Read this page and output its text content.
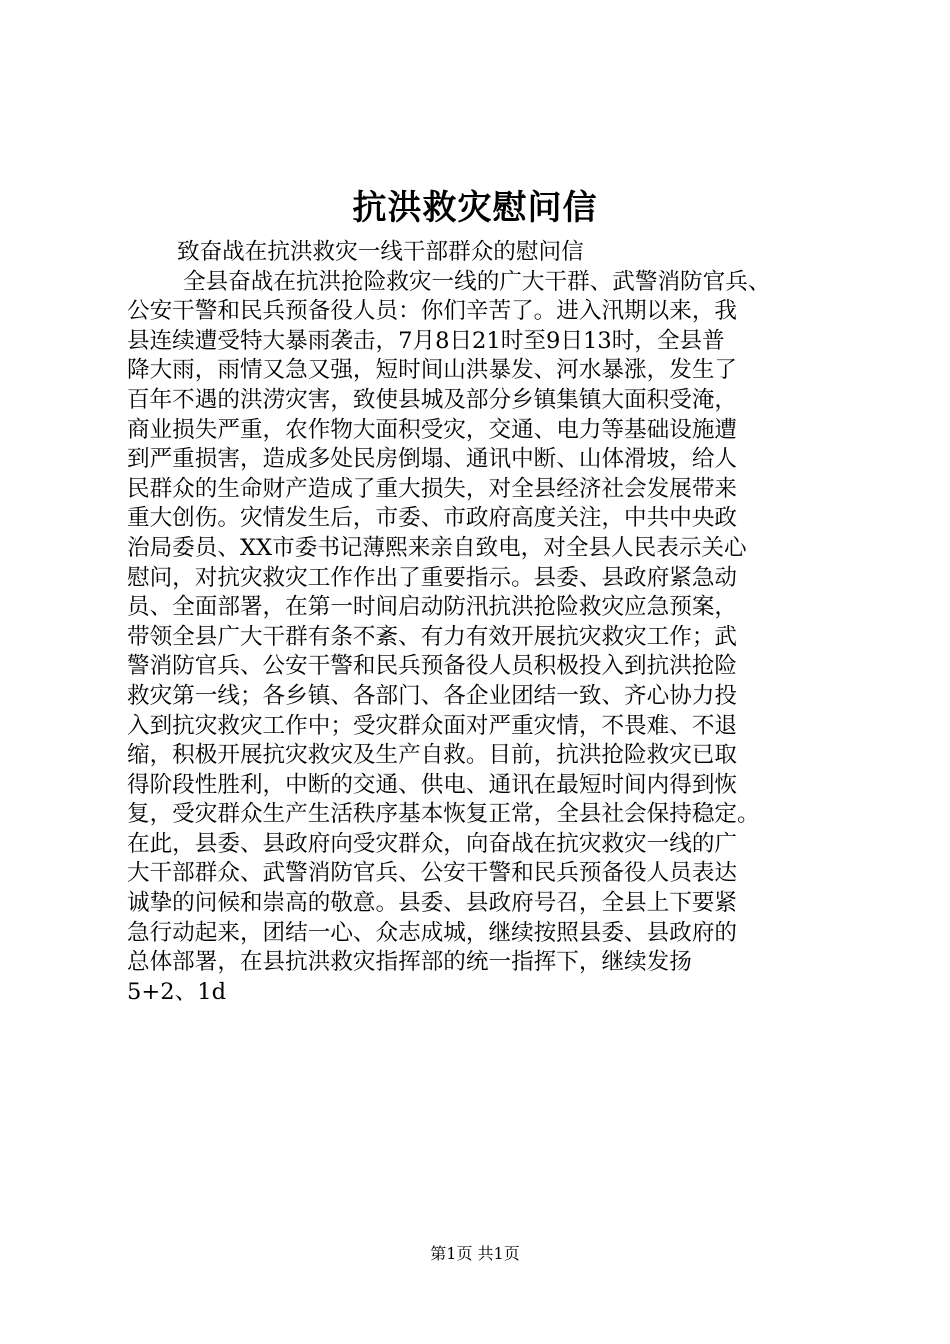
抗洪救灾慰问信

致奋战在抗洪救灾一线干部群众的慰问信

全县奋战在抗洪抢险救灾一线的广大干群、武警消防官兵、
公安干警和民兵预备役人员：你们辛苦了。进入汛期以来，我
县连续遭受特大暴雨袭击，7月8日21时至9日13时，全县普
降大雨，雨情又急又强，短时间山洪暴发、河水暴涨，发生了
百年不遇的洪涝灾害，致使县城及部分乡镇集镇大面积受淹，
商业损失严重，农作物大面积受灾，交通、电力等基础设施遭
到严重损害，造成多处民房倒塌、通讯中断、山体滑坡，给人
民群众的生命财产造成了重大损失，对全县经济社会发展带来
重大创伤。灾情发生后，市委、市政府高度关注，中共中央政
治局委员、XX市委书记薄熙来亲自致电，对全县人民表示关心
慰问，对抗灾救灾工作作出了重要指示。县委、县政府紧急动
员、全面部署，在第一时间启动防汛抗洪抢险救灾应急预案，
带领全县广大干群有条不紊、有力有效开展抗灾救灾工作；武
警消防官兵、公安干警和民兵预备役人员积极投入到抗洪抢险
救灾第一线；各乡镇、各部门、各企业团结一致、齐心协力投
入到抗灾救灾工作中；受灾群众面对严重灾情，不畏难、不退
缩，积极开展抗灾救灾及生产自救。目前，抗洪抢险救灾已取
得阶段性胜利，中断的交通、供电、通讯在最短时间内得到恢
复，受灾群众生产生活秩序基本恢复正常，全县社会保持稳定。
在此，县委、县政府向受灾群众，向奋战在抗灾救灾一线的广
大干部群众、武警消防官兵、公安干警和民兵预备役人员表达
诚挚的问候和崇高的敬意。县委、县政府号召，全县上下要紧
急行动起来，团结一心、众志成城，继续按照县委、县政府的
总体部署，在县抗洪救灾指挥部的统一指挥下，继续发扬
5+2、1d
第1页 共1页
